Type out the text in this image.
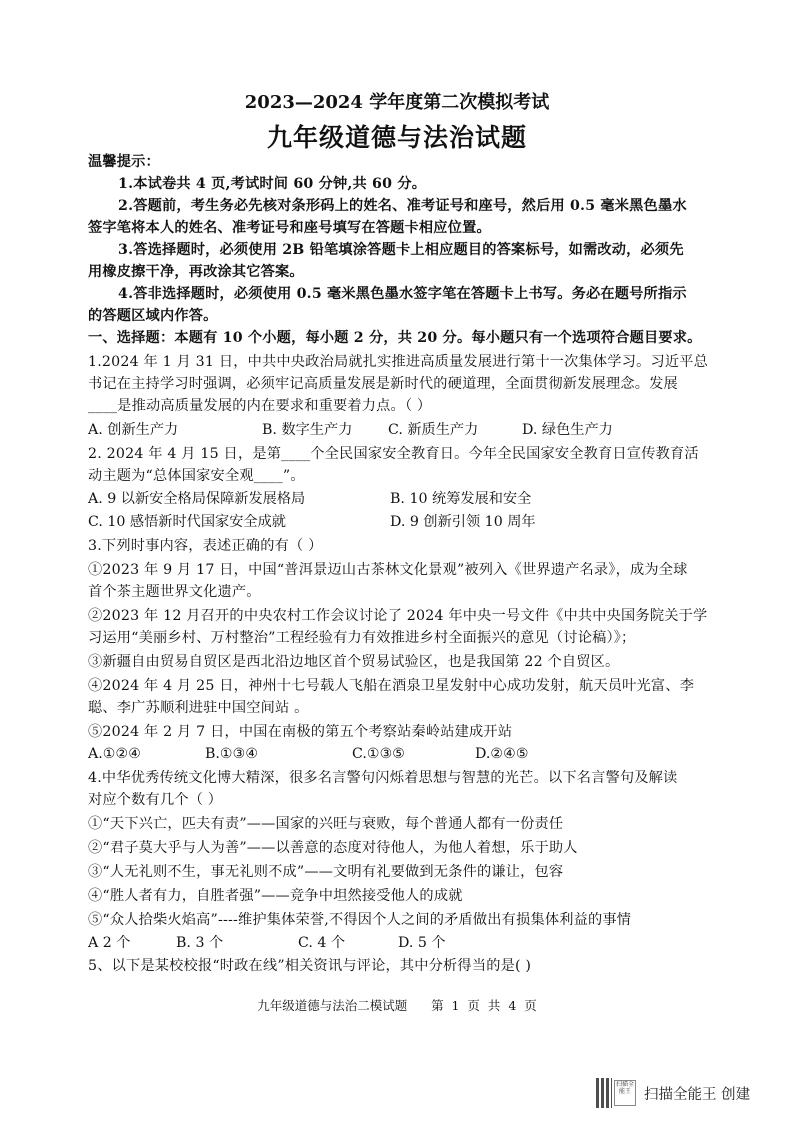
2023—2024 学年度第二次模拟考试
九年级道德与法治试题
温馨提示：
1.本试卷共 4 页,考试时间 60 分钟,共 60 分。
2.答题前，考生务必先核对条形码上的姓名、准考证号和座号，然后用 0.5 毫米黑色墨水
签字笔将本人的姓名、准考证号和座号填写在答题卡相应位置。
3.答选择题时，必须使用 2B 铅笔填涂答题卡上相应题目的答案标号，如需改动，必须先
用橡皮擦干净，再改涂其它答案。
4.答非选择题时，必须使用 0.5 毫米黑色墨水签字笔在答题卡上书写。务必在题号所指示
的答题区域内作答。
一、选择题：本题有 10 个小题，每小题 2 分，共 20 分。每小题只有一个选项符合题目要求。
1.2024 年 1 月 31 日，中共中央政治局就扎实推进高质量发展进行第十一次集体学习。习近平总
书记在主持学习时强调，必须牢记高质量发展是新时代的硬道理，全面贯彻新发展理念。发展
____是推动高质量发展的内在要求和重要着力点。（ ）
A. 创新生产力	B. 数字生产力	C. 新质生产力	D. 绿色生产力
2. 2024 年 4 月 15 日，是第____个全民国家安全教育日。今年全民国家安全教育日宣传教育活
动主题为“总体国家安全观____”。
A. 9 以新安全格局保障新发展格局	B. 10 统筹发展和安全
C. 10 感悟新时代国家安全成就	D. 9 创新引领 10 周年
3.下列时事内容，表述正确的有（ ）
①2023 年 9 月 17 日，中国“普洱景迈山古茶林文化景观”被列入《世界遗产名录》，成为全球
首个茶主题世界文化遗产。
②2023 年 12 月召开的中央农村工作会议讨论了 2024 年中央一号文件《中共中央国务院关于学
习运用“美丽乡村、万村整治”工程经验有力有效推进乡村全面振兴的意见（讨论稿）》；
③新疆自由贸易自贸区是西北沿边地区首个贸易试验区，也是我国第 22 个自贸区。
④2024 年 4 月 25 日，神州十七号载人飞船在酒泉卫星发射中心成功发射，航天员叶光富、李
聪、李广苏顺利进驻中国空间站 。
⑤2024 年 2 月 7 日，中国在南极的第五个考察站秦岭站建成开站
A.①②④	B.①③④	C.①③⑤	D.②④⑤
4.中华优秀传统文化博大精深，很多名言警句闪烁着思想与智慧的光芒。以下名言警句及解读
对应个数有几个（ ）
①“天下兴亡，匹夫有责”——国家的兴旺与衰败，每个普通人都有一份责任
②“君子莫大乎与人为善”——以善意的态度对待他人，为他人着想，乐于助人
③“人无礼则不生，事无礼则不成”——文明有礼要做到无条件的谦让，包容
④“胜人者有力，自胜者强”——竞争中坦然接受他人的成就
⑤“众人拾柴火焰高”----维护集体荣誉,不得因个人之间的矛盾做出有损集体利益的事情
A 2 个	B. 3 个	C. 4 个	D. 5 个
5、以下是某校校报“时政在线”相关资讯与评论，其中分析得当的是( )
九年级道德与法治二模试题      第  1  页  共  4  页
扫描全能王 扫描全能王 创建
